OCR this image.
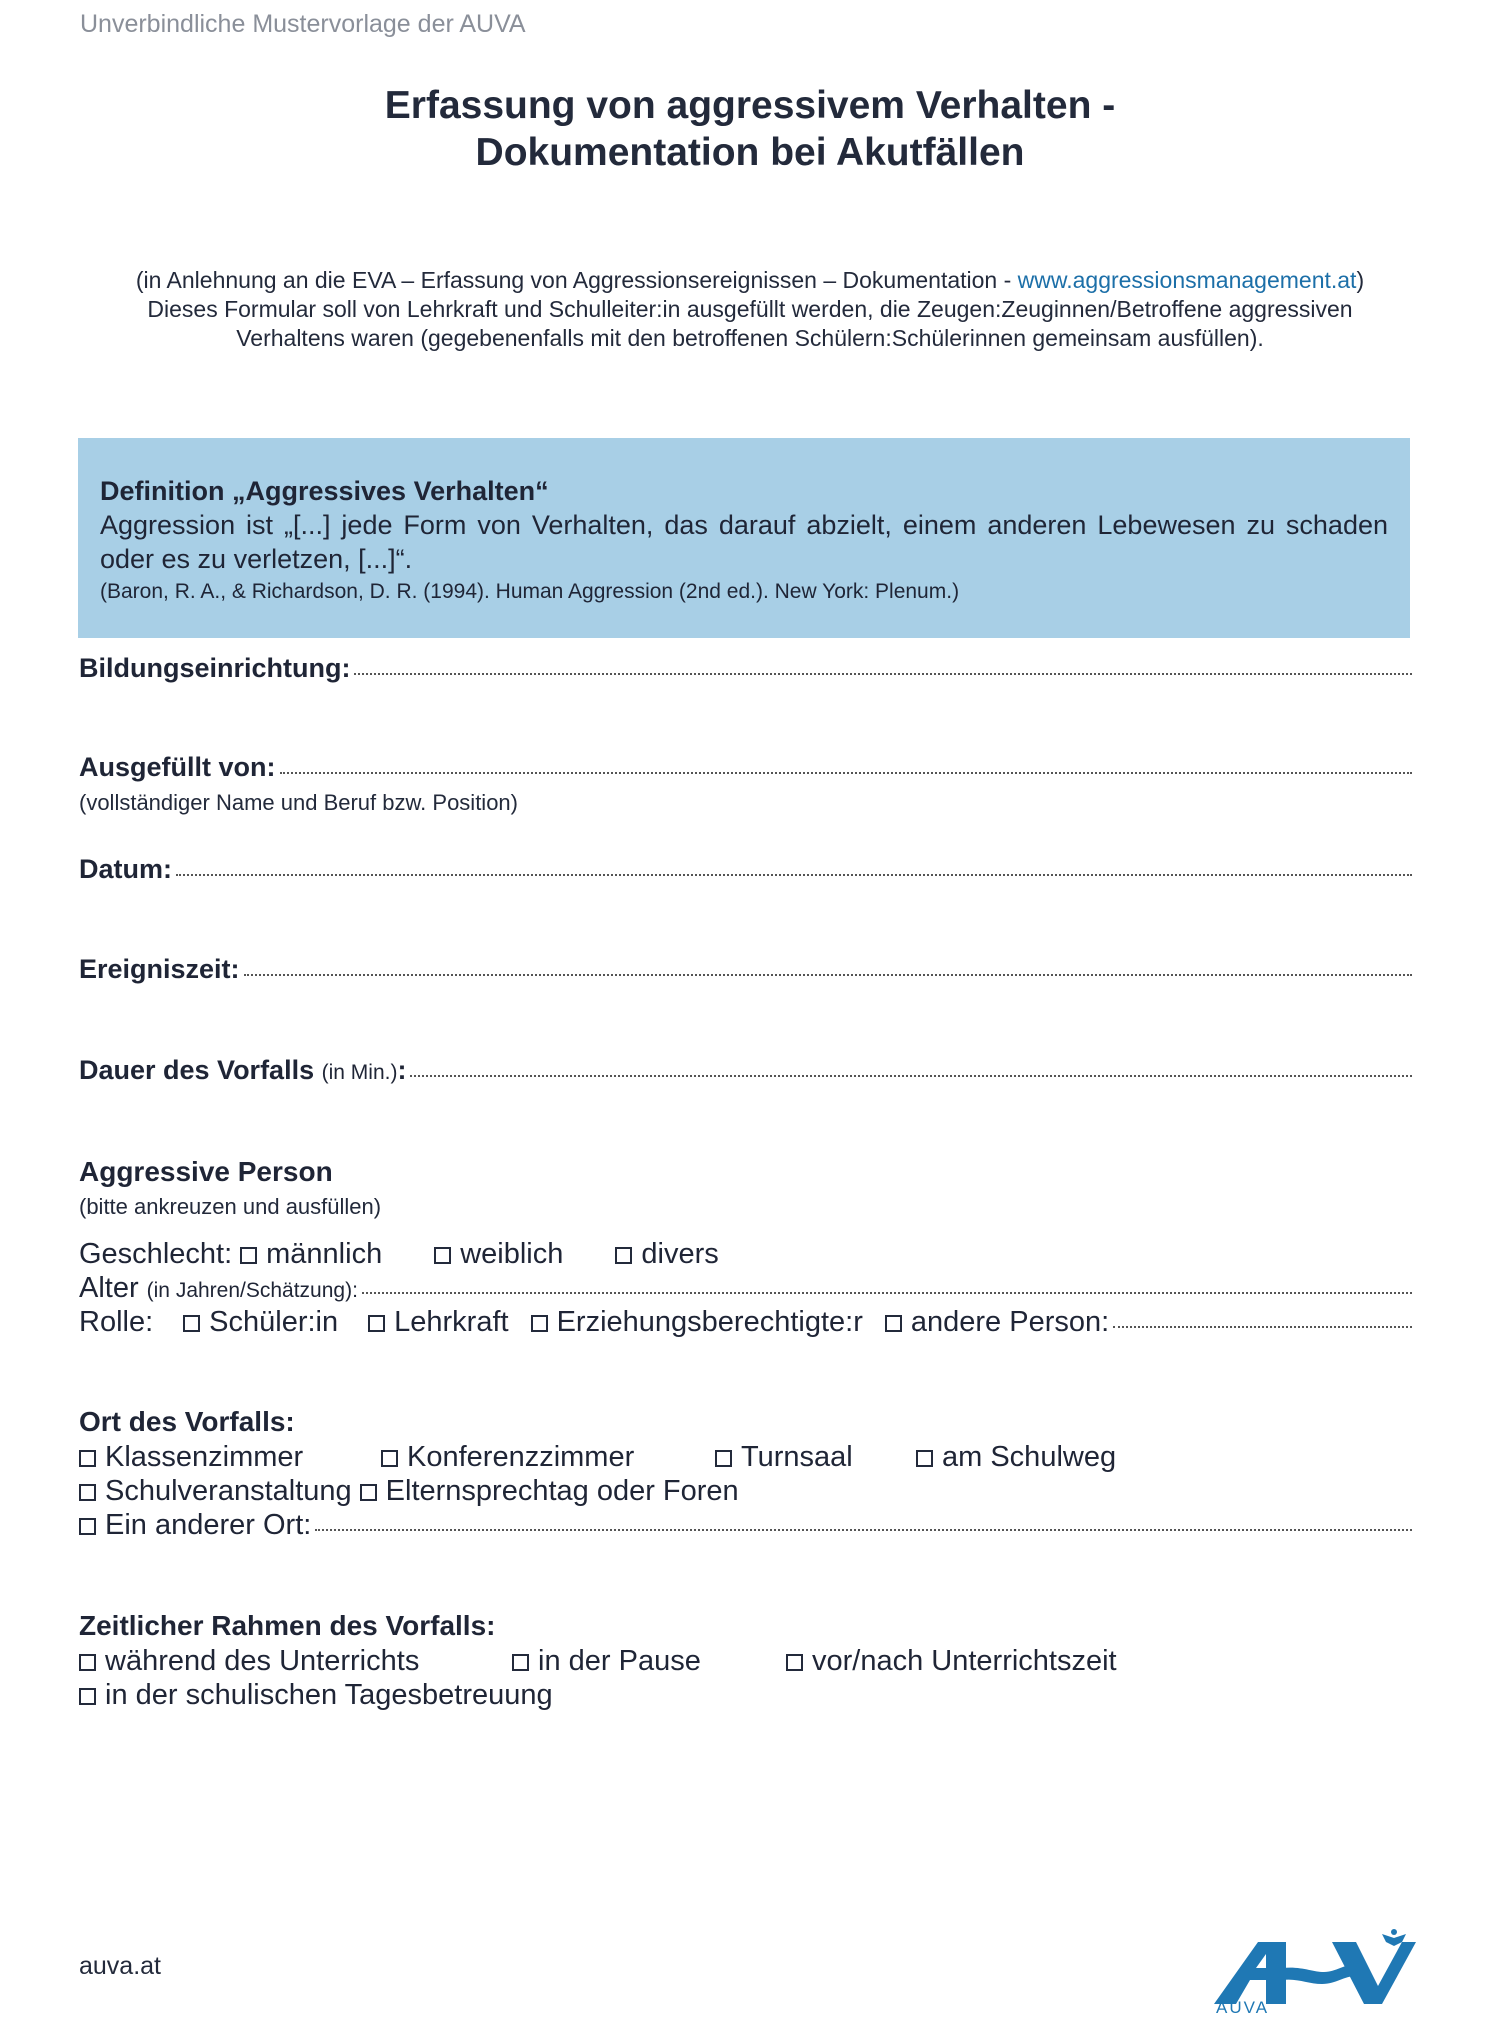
Unverbindliche Mustervorlage der AUVA
Erfassung von aggressivem Verhalten -
Dokumentation bei Akutfällen
(in Anlehnung an die EVA – Erfassung von Aggressionsereignissen – Dokumentation - www.aggressionsmanagement.at)
Dieses Formular soll von Lehrkraft und Schulleiter:in ausgefüllt werden, die Zeugen:Zeuginnen/Betroffene aggressiven
Verhaltens waren (gegebenenfalls mit den betroffenen Schülern:Schülerinnen gemeinsam ausfüllen).
Definition „Aggressives Verhalten“
Aggression ist „[...] jede Form von Verhalten, das darauf abzielt, einem anderen Lebewesen zu schaden oder es zu verletzen, [...]“.
(Baron, R. A., & Richardson, D. R. (1994). Human Aggression (2nd ed.). New York: Plenum.)
Bildungseinrichtung:
Ausgefüllt von:
(vollständiger Name und Beruf bzw. Position)
Datum:
Ereigniszeit:
Dauer des Vorfalls (in Min.):
Aggressive Person
(bitte ankreuzen und ausfüllen)
Geschlecht: männlich	weiblich	divers
Alter (in Jahren/Schätzung):
Rolle: Schüler:in Lehrkraft Erziehungsberechtigte:r andere Person:
Ort des Vorfalls:
Klassenzimmer	Konferenzzimmer	Turnsaal	am Schulweg
Schulveranstaltung Elternsprechtag oder Foren
Ein anderer Ort:
Zeitlicher Rahmen des Vorfalls:
während des Unterrichts	in der Pause	vor/nach Unterrichtszeit
in der schulischen Tagesbetreuung
auva.at
AUVA
